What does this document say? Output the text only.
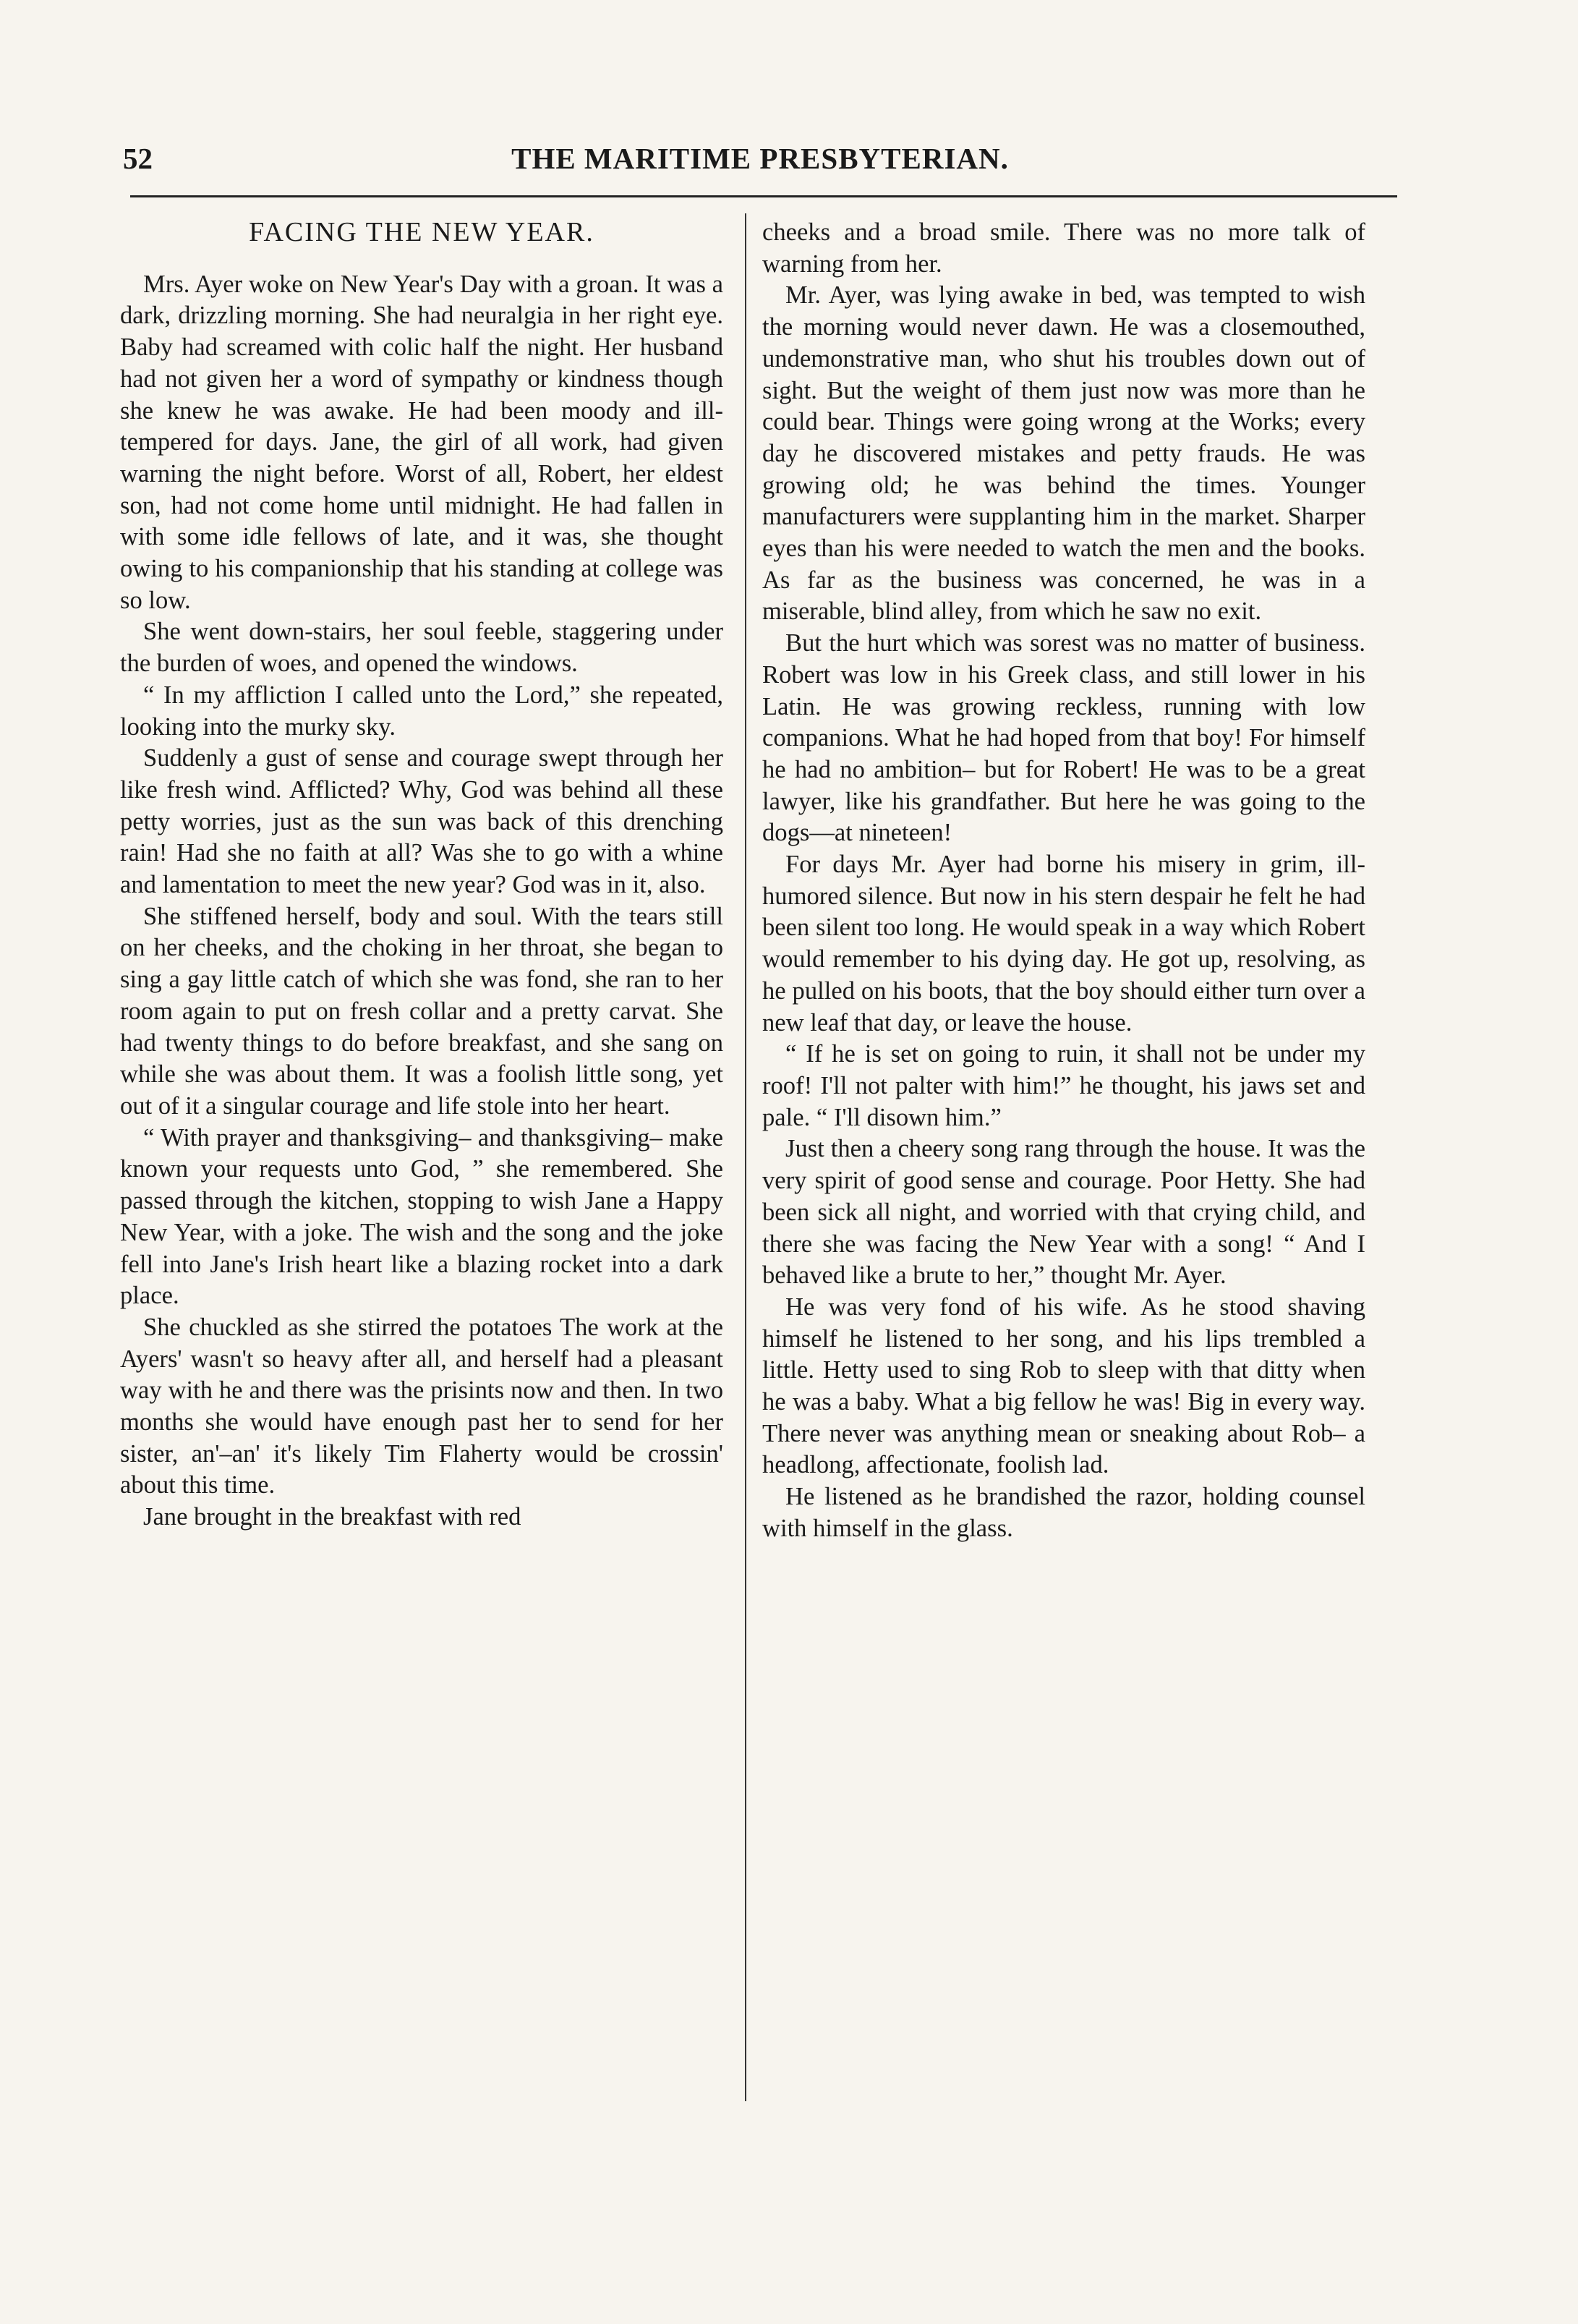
52	THE MARITIME PRESBYTERIAN.
FACING THE NEW YEAR.

Mrs. Ayer woke on New Year's Day with a groan. It was a dark, drizzling morning. She had neuralgia in her right eye. Baby had screamed with colic half the night. Her husband had not given her a word of sympathy or kindness though she knew he was awake. He had been moody and ill-tempered for days. Jane, the girl of all work, had given warning the night before. Worst of all, Robert, her eldest son, had not come home until midnight. He had fallen in with some idle fellows of late, and it was, she thought owing to his companionship that his standing at college was so low.

She went down-stairs, her soul feeble, staggering under the burden of woes, and opened the windows.

“ In my affliction I called unto the Lord,” she repeated, looking into the murky sky.

Suddenly a gust of sense and courage swept through her like fresh wind. Afflicted? Why, God was behind all these petty worries, just as the sun was back of this drenching rain! Had she no faith at all? Was she to go with a whine and lamentation to meet the new year? God was in it, also.

She stiffened herself, body and soul. With the tears still on her cheeks, and the choking in her throat, she began to sing a gay little catch of which she was fond, she ran to her room again to put on fresh collar and a pretty carvat. She had twenty things to do before breakfast, and she sang on while she was about them. It was a foolish little song, yet out of it a singular courage and life stole into her heart.

“ With prayer and thanksgiving– and thanksgiving– make known your requests unto God, ” she remembered. She passed through the kitchen, stopping to wish Jane a Happy New Year, with a joke. The wish and the song and the joke fell into Jane's Irish heart like a blazing rocket into a dark place.

She chuckled as she stirred the potatoes The work at the Ayers' wasn't so heavy after all, and herself had a pleasant way with he and there was the prisints now and then. In two months she would have enough past her to send for her sister, an'–an' it's likely Tim Flaherty would be crossin' about this time.

Jane brought in the breakfast with red

cheeks and a broad smile. There was no more talk of warning from her.

Mr. Ayer, was lying awake in bed, was tempted to wish the morning would never dawn. He was a closemouthed, undemonstrative man, who shut his troubles down out of sight. But the weight of them just now was more than he could bear. Things were going wrong at the Works; every day he discovered mistakes and petty frauds. He was growing old; he was behind the times. Younger manufacturers were supplanting him in the market. Sharper eyes than his were needed to watch the men and the books. As far as the business was concerned, he was in a miserable, blind alley, from which he saw no exit.

But the hurt which was sorest was no matter of business. Robert was low in his Greek class, and still lower in his Latin. He was growing reckless, running with low companions. What he had hoped from that boy! For himself he had no ambition– but for Robert! He was to be a great lawyer, like his grandfather. But here he was going to the dogs—at nineteen!

For days Mr. Ayer had borne his misery in grim, ill-humored silence. But now in his stern despair he felt he had been silent too long. He would speak in a way which Robert would remember to his dying day. He got up, resolving, as he pulled on his boots, that the boy should either turn over a new leaf that day, or leave the house.

“ If he is set on going to ruin, it shall not be under my roof! I'll not palter with him!” he thought, his jaws set and pale. “ I'll disown him.”

Just then a cheery song rang through the house. It was the very spirit of good sense and courage. Poor Hetty. She had been sick all night, and worried with that crying child, and there she was facing the New Year with a song! “ And I behaved like a brute to her,” thought Mr. Ayer.

He was very fond of his wife. As he stood shaving himself he listened to her song, and his lips trembled a little. Hetty used to sing Rob to sleep with that ditty when he was a baby. What a big fellow he was! Big in every way. There never was anything mean or sneaking about Rob– a headlong, affectionate, foolish lad.

He listened as he brandished the razor, holding counsel with himself in the glass.
